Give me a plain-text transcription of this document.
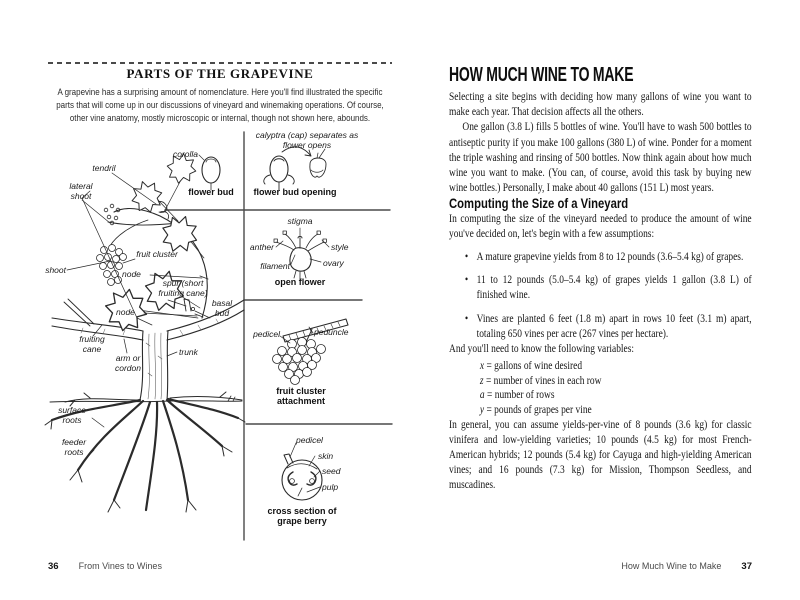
PARTS OF THE GRAPEVINE
A grapevine has a surprising amount of nomenclature. Here you'll find illustrated the specific parts that will come up in our discussions of vineyard and winemaking operations. Of course, other vine anatomy, mostly microscopic or internal, though not shown here, abounds.
tendril
lateral shoot
shoot
fruit cluster
node
node
spur (short fruiting cane)
basal bud
fruiting cane
arm or cordon
trunk
surface roots
feeder roots
corolla
flower bud
calyptra (cap) separates as flower opens
flower bud opening
stigma
anther	style
filament	ovary
open flower
pedicel	peduncle
fruit cluster attachment
pedicel
skin
seed
pulp
cross section of grape berry
HOW MUCH WINE TO MAKE

Selecting a site begins with deciding how many gallons of wine you want to make each year. That decision affects all the others.

One gallon (3.8 L) fills 5 bottles of wine. You'll have to wash 500 bottles to antiseptic purity if you make 100 gallons (380 L) of wine. Ponder for a moment the triple washing and rinsing of 500 bottles. Now think again about how much wine you want to make. (You can, of course, avoid this task by buying new wine bottles.) Personally, I make about 40 gallons (151 L) most years.

Computing the Size of a Vineyard

In computing the size of the vineyard needed to produce the amount of wine you've decided on, let's begin with a few assumptions:

• A mature grapevine yields from 8 to 12 pounds (3.6–5.4 kg) of grapes.
• 11 to 12 pounds (5.0–5.4 kg) of grapes yields 1 gallon (3.8 L) of finished wine.
• Vines are planted 6 feet (1.8 m) apart in rows 10 feet (3.1 m) apart, totaling 650 vines per acre (267 vines per hectare).

And you'll need to know the following variables:

x = gallons of wine desired
z = number of vines in each row
a = number of rows
y = pounds of grapes per vine

In general, you can assume yields-per-vine of 8 pounds (3.6 kg) for classic vinifera and low-yielding varieties; 10 pounds (4.5 kg) for most French-American hybrids; 12 pounds (5.4 kg) for Cayuga and high-yielding American vines; and 16 pounds (7.3 kg) for Mission, Thompson Seedless, and muscadines.

36 From Vines to Wines	How Much Wine to Make 37
